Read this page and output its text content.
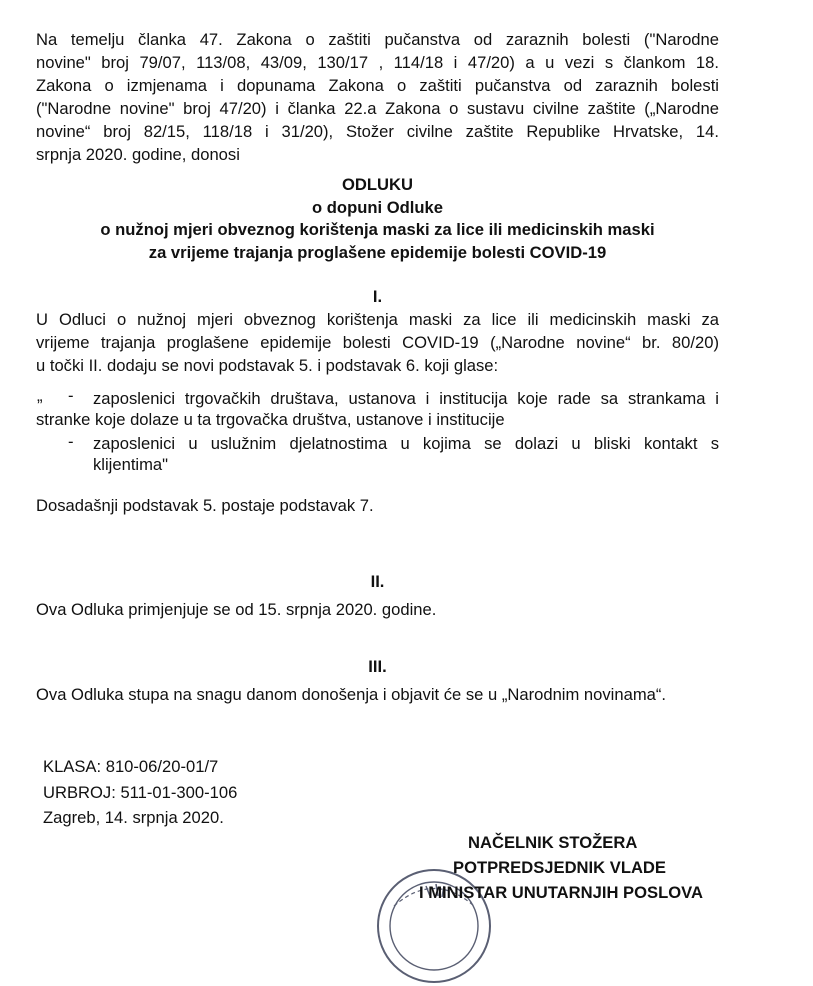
Na temelju članka 47. Zakona o zaštiti pučanstva od zaraznih bolesti ("Narodne
novine" broj 79/07, 113/08, 43/09, 130/17 , 114/18 i 47/20) a u vezi s člankom 18.
Zakona o izmjenama i dopunama Zakona o zaštiti pučanstva od zaraznih bolesti
("Narodne novine" broj 47/20) i članka 22.a Zakona o sustavu civilne zaštite („Narodne
novine“ broj 82/15, 118/18 i 31/20), Stožer civilne zaštite Republike Hrvatske, 14.
srpnja 2020. godine, donosi

ODLUKU

o dopuni Odluke

o nužnoj mjeri obveznog korištenja maski za lice ili medicinskih maski

za vrijeme trajanja proglašene epidemije bolesti COVID-19

I.

U Odluci o nužnoj mjeri obveznog korištenja maski za lice ili medicinskih maski za
vrijeme trajanja proglašene epidemije bolesti COVID-19 („Narodne novine“ br. 80/20)
u točki II. dodaju se novi podstavak 5. i podstavak 6. koji glase:

„ - zaposlenici trgovačkih društava, ustanova i institucija koje rade sa strankama i

stranke koje dolaze u ta trgovačka društva, ustanove i institucije

- zaposlenici u uslužnim djelatnostima u kojima se dolazi u bliski kontakt s

klijentima"

Dosadašnji podstavak 5. postaje podstavak 7.

II.

Ova Odluka primjenjuje se od 15. srpnja 2020. godine.

III.

Ova Odluka stupa na snagu danom donošenja i objavit će se u „Narodnim novinama“.

KLASA: 810-06/20-01/7

URBROJ: 511-01-300-106

Zagreb, 14. srpnja 2020.

NAČELNIK STOŽERA

POTPREDSJEDNIK VLADE

I MINISTAR UNUTARNJIH POSLOVA
